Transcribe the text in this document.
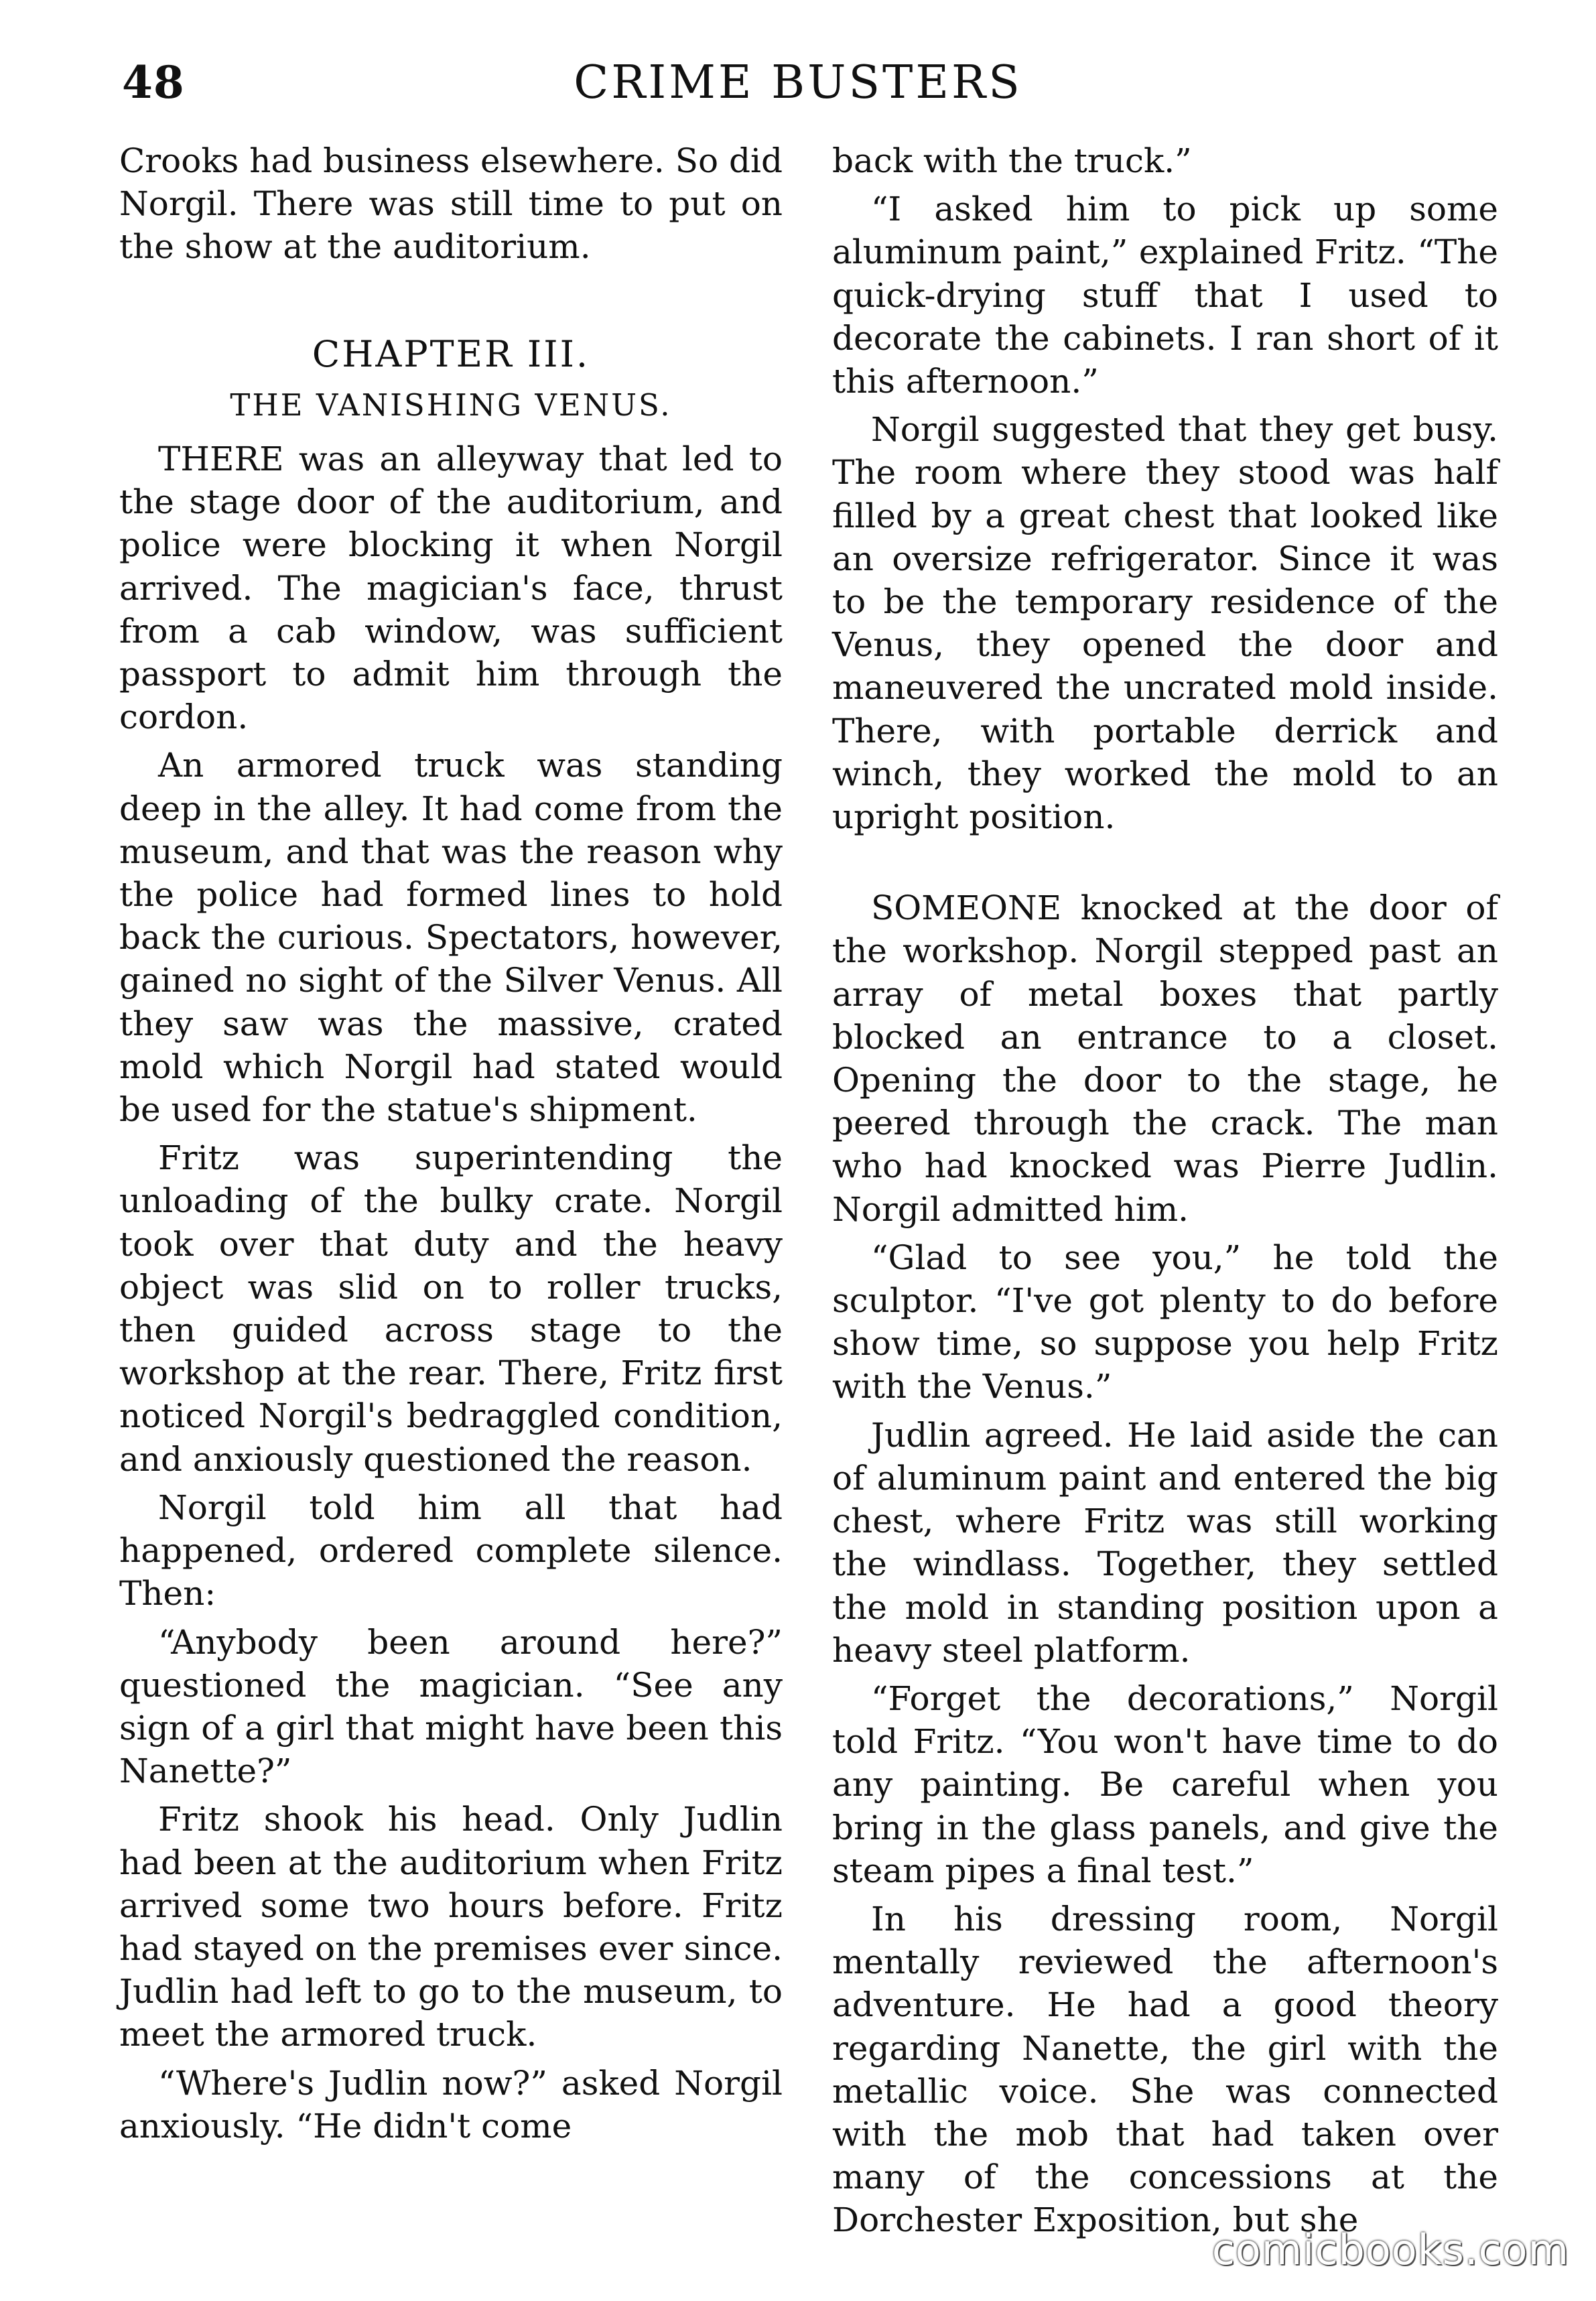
48	CRIME BUSTERS

Crooks had business elsewhere. So did Norgil. There was still time to put on the show at the auditorium.

CHAPTER III.
THE VANISHING VENUS.

THERE was an alleyway that led to the stage door of the auditorium, and police were blocking it when Norgil arrived. The magician's face, thrust from a cab window, was sufficient passport to admit him through the cordon.

An armored truck was standing deep in the alley. It had come from the museum, and that was the reason why the police had formed lines to hold back the curious. Spectators, however, gained no sight of the Silver Venus. All they saw was the massive, crated mold which Norgil had stated would be used for the statue's shipment.

Fritz was superintending the unloading of the bulky crate. Norgil took over that duty and the heavy object was slid on to roller trucks, then guided across stage to the workshop at the rear. There, Fritz first noticed Norgil's bedraggled condition, and anxiously questioned the reason.

Norgil told him all that had happened, ordered complete silence. Then:

“Anybody been around here?” questioned the magician. “See any sign of a girl that might have been this Nanette?”

Fritz shook his head. Only Judlin had been at the auditorium when Fritz arrived some two hours before. Fritz had stayed on the premises ever since. Judlin had left to go to the museum, to meet the armored truck.

“Where's Judlin now?” asked Norgil anxiously. “He didn't come

back with the truck.”

“I asked him to pick up some aluminum paint,” explained Fritz. “The quick-drying stuff that I used to decorate the cabinets. I ran short of it this afternoon.”

Norgil suggested that they get busy. The room where they stood was half filled by a great chest that looked like an oversize refrigerator. Since it was to be the temporary residence of the Venus, they opened the door and maneuvered the uncrated mold inside. There, with portable derrick and winch, they worked the mold to an upright position.

SOMEONE knocked at the door of the workshop. Norgil stepped past an array of metal boxes that partly blocked an entrance to a closet. Opening the door to the stage, he peered through the crack. The man who had knocked was Pierre Judlin. Norgil admitted him.

“Glad to see you,” he told the sculptor. “I've got plenty to do before show time, so suppose you help Fritz with the Venus.”

Judlin agreed. He laid aside the can of aluminum paint and entered the big chest, where Fritz was still working the windlass. Together, they settled the mold in standing position upon a heavy steel platform.

“Forget the decorations,” Norgil told Fritz. “You won't have time to do any painting. Be careful when you bring in the glass panels, and give the steam pipes a final test.”

In his dressing room, Norgil mentally reviewed the afternoon's adventure. He had a good theory regarding Nanette, the girl with the metallic voice. She was connected with the mob that had taken over many of the concessions at the Dorchester Exposition, but she

comicbooks.com
